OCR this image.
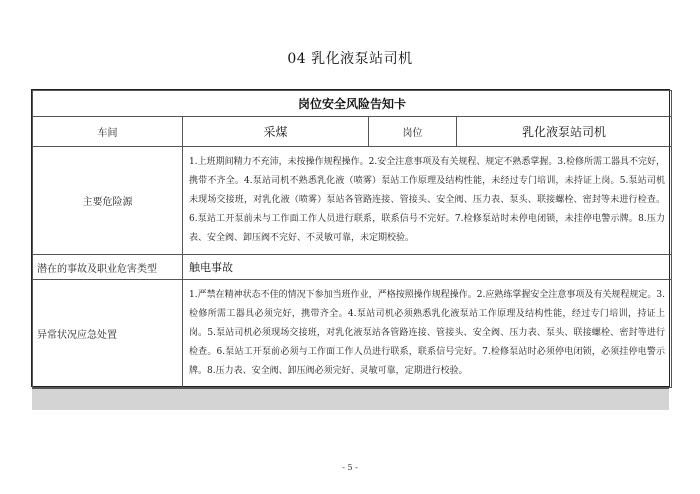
04 乳化液泵站司机
岗位安全风险告知卡			
车间	采煤	岗位	乳化液泵站司机
主要危险源	1.上班期间精力不充沛，未按操作规程操作。2.安全注意事项及有关规程、规定不熟悉掌握。3.检修所需工器具不完好，携带不齐全。4.泵站司机不熟悉乳化液（喷雾）泵站工作原理及结构性能，未经过专门培训，未持证上岗。5.泵站司机未现场交接班，对乳化液（喷雾）泵站各管路连接、管接头、安全阀、压力表、泵头、联接螺栓、密封等未进行检查。6.泵站工开泵前未与工作面工作人员进行联系，联系信号不完好。7.检修泵站时未停电闭锁，未挂停电警示牌。8.压力表、安全阀、卸压阀不完好、不灵敏可靠，未定期校验。		
潜在的事故及职业危害类型	触电事故		
异常状况应急处置	1.严禁在精神状态不佳的情况下参加当班作业，严格按照操作规程操作。2.应熟练掌握安全注意事项及有关规程规定。3.检修所需工器具必须完好，携带齐全。4.泵站司机必须熟悉乳化液泵站工作原理及结构性能，经过专门培训，持证上岗。5.泵站司机必须现场交接班，对乳化液泵站各管路连接、管接头、安全阀、压力表、泵头、联接螺栓、密封等进行检查。6.泵站工开泵前必须与工作面工作人员进行联系，联系信号完好。7.检修泵站时必须停电闭锁，必须挂停电警示牌。8.压力表、安全阀、卸压阀必须完好、灵敏可靠，定期进行校验。		
- 5 -
